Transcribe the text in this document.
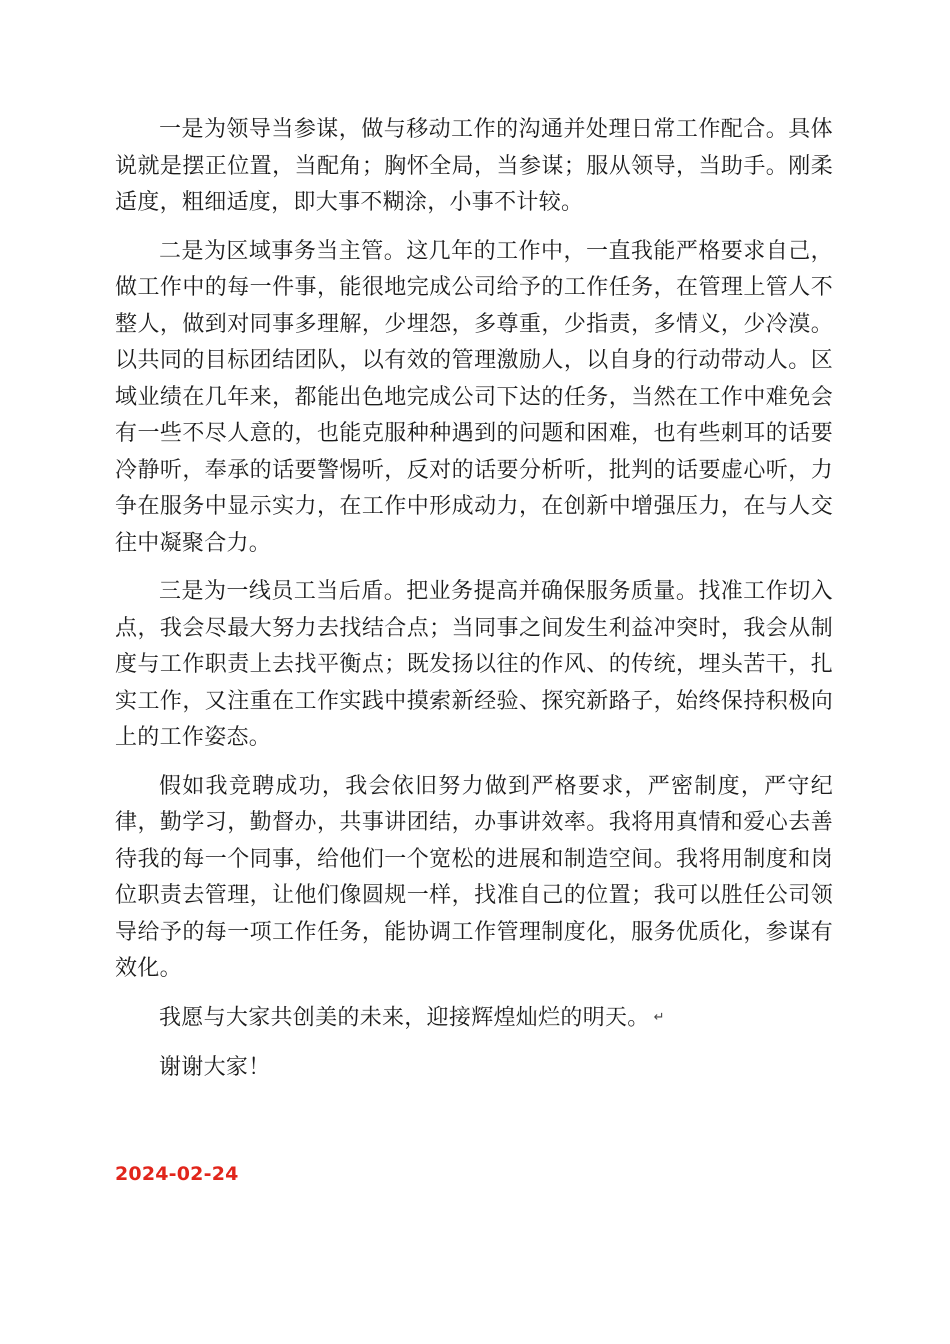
一是为领导当参谋，做与移动工作的沟通并处理日常工作配合。具体说就是摆正位置，当配角；胸怀全局，当参谋；服从领导，当助手。刚柔适度，粗细适度，即大事不糊涂，小事不计较。

二是为区域事务当主管。这几年的工作中，一直我能严格要求自己，做工作中的每一件事，能很地完成公司给予的工作任务，在管理上管人不整人，做到对同事多理解，少埋怨，多尊重，少指责，多情义，少冷漠。以共同的目标团结团队，以有效的管理激励人，以自身的行动带动人。区域业绩在几年来，都能出色地完成公司下达的任务，当然在工作中难免会有一些不尽人意的，也能克服种种遇到的问题和困难，也有些刺耳的话要冷静听，奉承的话要警惕听，反对的话要分析听，批判的话要虚心听，力争在服务中显示实力，在工作中形成动力，在创新中增强压力，在与人交往中凝聚合力。

三是为一线员工当后盾。把业务提高并确保服务质量。找准工作切入点，我会尽最大努力去找结合点；当同事之间发生利益冲突时，我会从制度与工作职责上去找平衡点；既发扬以往的作风、的传统，埋头苦干，扎实工作，又注重在工作实践中摸索新经验、探究新路子，始终保持积极向上的工作姿态。

假如我竞聘成功，我会依旧努力做到严格要求，严密制度，严守纪律，勤学习，勤督办，共事讲团结，办事讲效率。我将用真情和爱心去善待我的每一个同事，给他们一个宽松的进展和制造空间。我将用制度和岗位职责去管理，让他们像圆规一样，找准自己的位置；我可以胜任公司领导给予的每一项工作任务，能协调工作管理制度化，服务优质化，参谋有效化。

我愿与大家共创美的未来，迎接辉煌灿烂的明天。 ↵

谢谢大家！

2024-02-24
